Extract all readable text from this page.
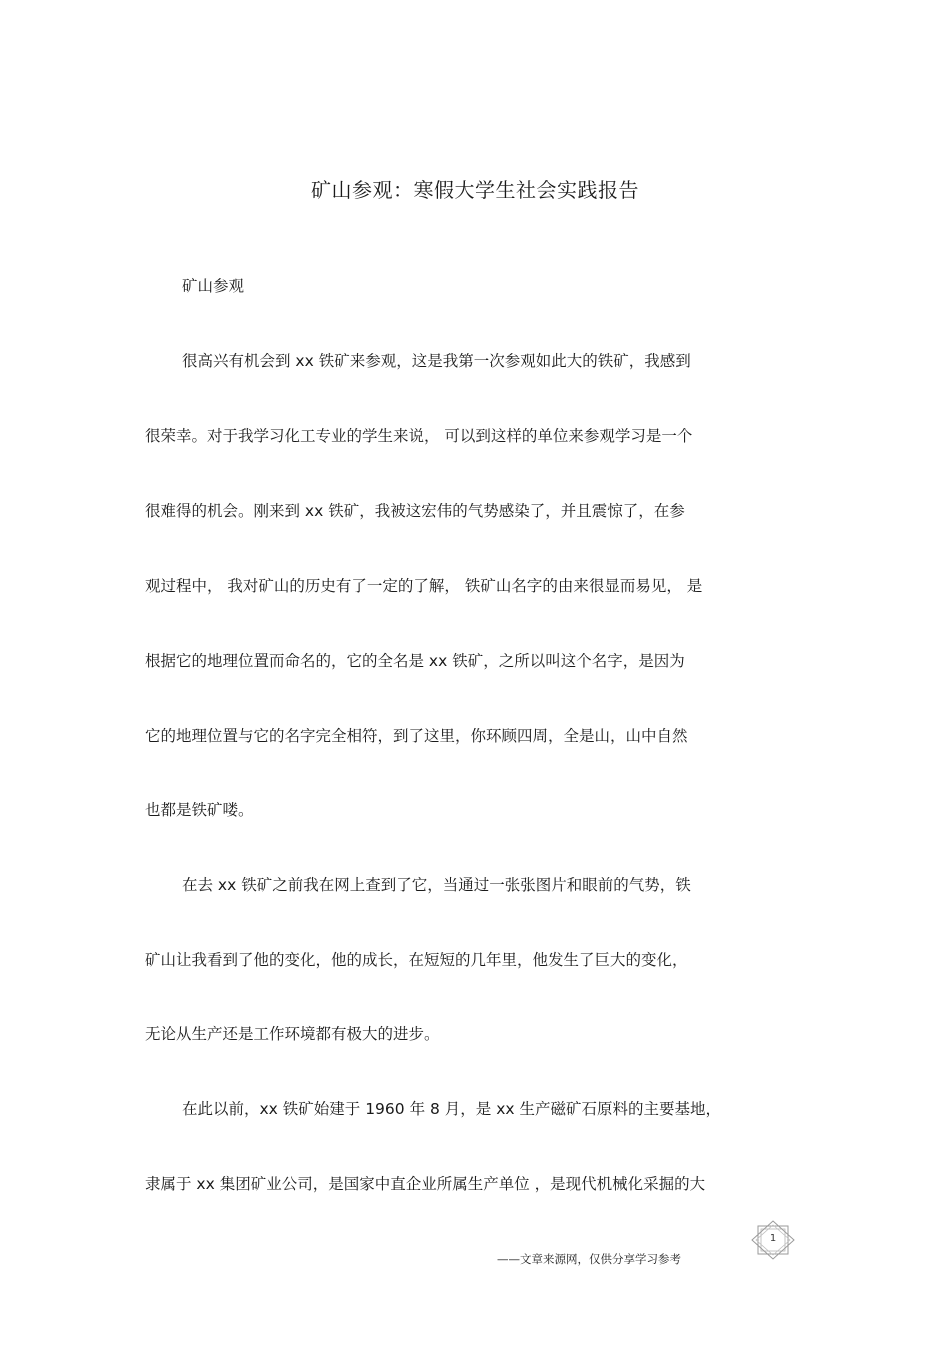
矿山参观：寒假大学生社会实践报告
矿山参观
很高兴有机会到 xx 铁矿来参观，这是我第一次参观如此大的铁矿，我感到
很荣幸。对于我学习化工专业的学生来说， 可以到这样的单位来参观学习是一个
很难得的机会。刚来到 xx 铁矿，我被这宏伟的气势感染了，并且震惊了，在参
观过程中， 我对矿山的历史有了一定的了解， 铁矿山名字的由来很显而易见， 是
根据它的地理位置而命名的，它的全名是 xx 铁矿，之所以叫这个名字，是因为
它的地理位置与它的名字完全相符，到了这里，你环顾四周，全是山，山中自然
也都是铁矿喽。
在去 xx 铁矿之前我在网上查到了它，当通过一张张图片和眼前的气势，铁
矿山让我看到了他的变化，他的成长，在短短的几年里，他发生了巨大的变化，
无论从生产还是工作环境都有极大的进步。
在此以前，xx 铁矿始建于 1960 年 8 月，是 xx 生产磁矿石原料的主要基地，
隶属于 xx 集团矿业公司，是国家中直企业所属生产单位 ，是现代机械化采掘的大
1
——文章来源网，仅供分享学习参考
